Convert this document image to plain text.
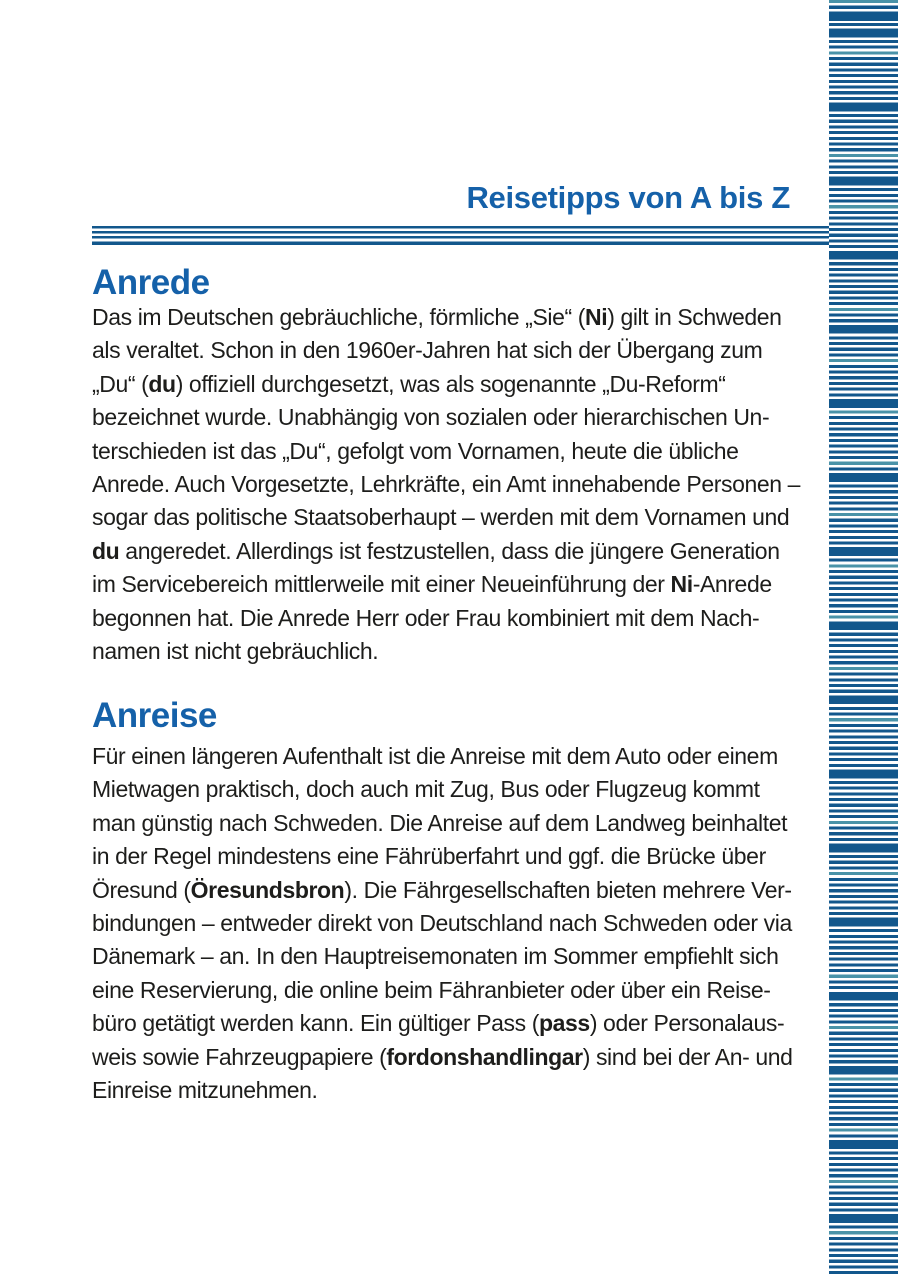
Reisetipps von A bis Z
Anrede
Das im Deutschen gebräuchliche, förmliche „Sie“ (Ni) gilt in Schweden
als veraltet. Schon in den 1960er-Jahren hat sich der Übergang zum
„Du“ (du) offiziell durchgesetzt, was als sogenannte „Du-Reform“
bezeichnet wurde. Unabhängig von sozialen oder hierarchischen Un-
terschieden ist das „Du“, gefolgt vom Vornamen, heute die übliche
Anrede. Auch Vorgesetzte, Lehrkräfte, ein Amt innehabende Personen –
sogar das politische Staatsoberhaupt – werden mit dem Vornamen und
du angeredet. Allerdings ist festzustellen, dass die jüngere Generation
im Servicebereich mittlerweile mit einer Neueinführung der Ni-Anrede
begonnen hat. Die Anrede Herr oder Frau kombiniert mit dem Nach-
namen ist nicht gebräuchlich.
Anreise
Für einen längeren Aufenthalt ist die Anreise mit dem Auto oder einem
Mietwagen praktisch, doch auch mit Zug, Bus oder Flugzeug kommt
man günstig nach Schweden. Die Anreise auf dem Landweg beinhaltet
in der Regel mindestens eine Fährüberfahrt und ggf. die Brücke über
Öresund (Öresundsbron). Die Fährgesellschaften bieten mehrere Ver-
bindungen – entweder direkt von Deutschland nach Schweden oder via
Dänemark – an. In den Hauptreisemonaten im Sommer empfiehlt sich
eine Reservierung, die online beim Fähranbieter oder über ein Reise-
büro getätigt werden kann. Ein gültiger Pass (pass) oder Personalaus-
weis sowie Fahrzeugpapiere (fordonshandlingar) sind bei der An- und
Einreise mitzunehmen.
